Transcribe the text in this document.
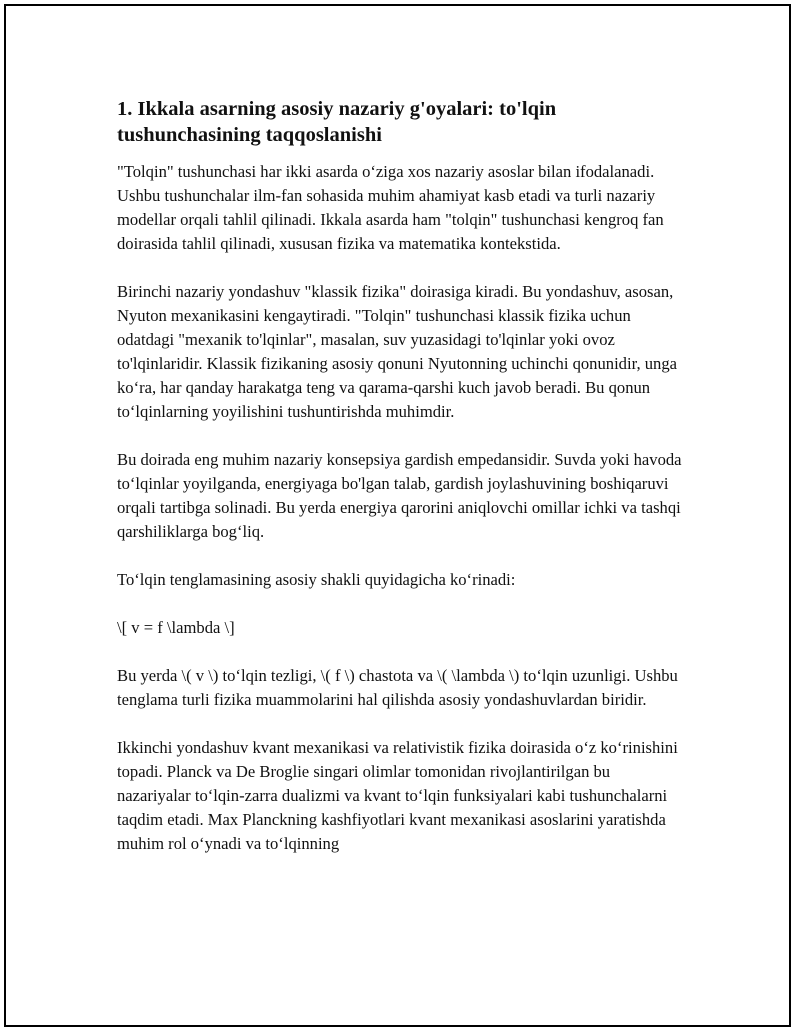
1. Ikkala asarning asosiy nazariy g'oyalari: to'lqin tushunchasining taqqoslanishi

"Tolqin" tushunchasi har ikki asarda o‘ziga xos nazariy asoslar bilan ifodalanadi. Ushbu tushunchalar ilm-fan sohasida muhim ahamiyat kasb etadi va turli nazariy modellar orqali tahlil qilinadi. Ikkala asarda ham "tolqin" tushunchasi kengroq fan doirasida tahlil qilinadi, xususan fizika va matematika kontekstida.

Birinchi nazariy yondashuv "klassik fizika" doirasiga kiradi. Bu yondashuv, asosan, Nyuton mexanikasini kengaytiradi. "Tolqin" tushunchasi klassik fizika uchun odatdagi "mexanik to'lqinlar", masalan, suv yuzasidagi to'lqinlar yoki ovoz to'lqinlaridir. Klassik fizikaning asosiy qonuni Nyutonning uchinchi qonunidir, unga ko‘ra, har qanday harakatga teng va qarama-qarshi kuch javob beradi. Bu qonun to‘lqinlarning yoyilishini tushuntirishda muhimdir.

Bu doirada eng muhim nazariy konsepsiya gardish empedansidir. Suvda yoki havoda to‘lqinlar yoyilganda, energiyaga bo'lgan talab, gardish joylashuvining boshiqaruvi orqali tartibga solinadi. Bu yerda energiya qarorini aniqlovchi omillar ichki va tashqi qarshiliklarga bog‘liq.

To‘lqin tenglamasining asosiy shakli quyidagicha ko‘rinadi:

\[ v = f \lambda \]

Bu yerda \( v \) to‘lqin tezligi, \( f \) chastota va \( \lambda \) to‘lqin uzunligi. Ushbu tenglama turli fizika muammolarini hal qilishda asosiy yondashuvlardan biridir.

Ikkinchi yondashuv kvant mexanikasi va relativistik fizika doirasida o‘z ko‘rinishini topadi. Planck va De Broglie singari olimlar tomonidan rivojlantirilgan bu nazariyalar to‘lqin-zarra dualizmi va kvant to‘lqin funksiyalari kabi tushunchalarni taqdim etadi. Max Planckning kashfiyotlari kvant mexanikasi asoslarini yaratishda muhim rol o‘ynadi va to‘lqinning
